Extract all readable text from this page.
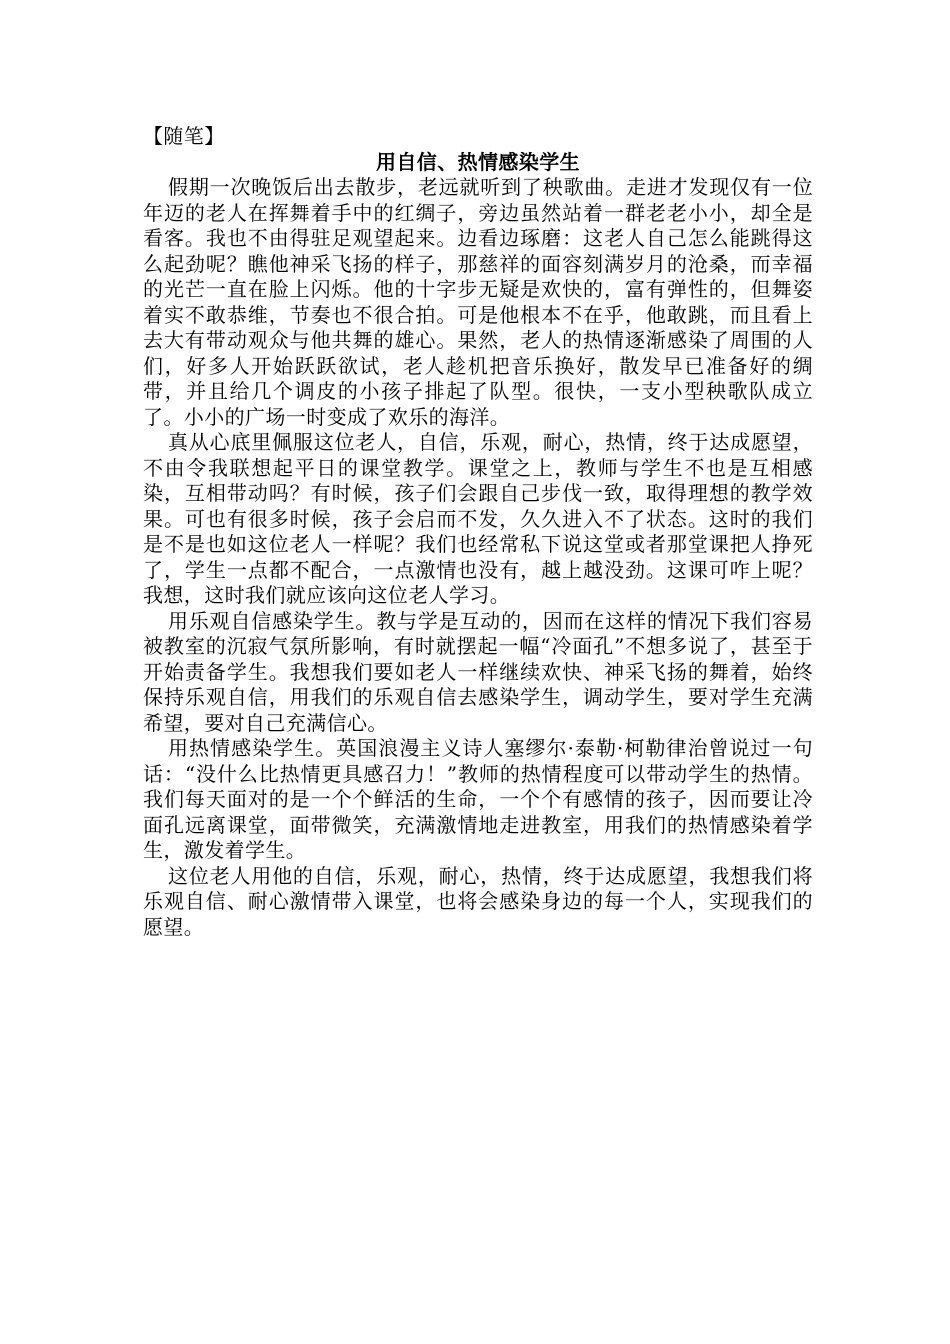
【随笔】

用自信、热情感染学生

假期一次晚饭后出去散步，老远就听到了秧歌曲。走进才发现仅有一位年迈的老人在挥舞着手中的红绸子，旁边虽然站着一群老老小小，却全是看客。我也不由得驻足观望起来。边看边琢磨：这老人自己怎么能跳得这么起劲呢？瞧他神采飞扬的样子，那慈祥的面容刻满岁月的沧桑，而幸福的光芒一直在脸上闪烁。他的十字步无疑是欢快的，富有弹性的，但舞姿着实不敢恭维，节奏也不很合拍。可是他根本不在乎，他敢跳，而且看上去大有带动观众与他共舞的雄心。果然，老人的热情逐渐感染了周围的人们，好多人开始跃跃欲试，老人趁机把音乐换好，散发早已准备好的绸带，并且给几个调皮的小孩子排起了队型。很快，一支小型秧歌队成立了。小小的广场一时变成了欢乐的海洋。

真从心底里佩服这位老人，自信，乐观，耐心，热情，终于达成愿望，不由令我联想起平日的课堂教学。课堂之上，教师与学生不也是互相感染，互相带动吗？有时候，孩子们会跟自己步伐一致，取得理想的教学效果。可也有很多时候，孩子会启而不发，久久进入不了状态。这时的我们是不是也如这位老人一样呢？我们也经常私下说这堂或者那堂课把人挣死了，学生一点都不配合，一点激情也没有，越上越没劲。这课可咋上呢？我想，这时我们就应该向这位老人学习。

用乐观自信感染学生。教与学是互动的，因而在这样的情况下我们容易被教室的沉寂气氛所影响，有时就摆起一幅“冷面孔”不想多说了，甚至于开始责备学生。我想我们要如老人一样继续欢快、神采飞扬的舞着，始终保持乐观自信，用我们的乐观自信去感染学生，调动学生，要对学生充满希望，要对自己充满信心。

用热情感染学生。英国浪漫主义诗人塞缪尔·泰勒·柯勒律治曾说过一句话：“没什么比热情更具感召力！”教师的热情程度可以带动学生的热情。我们每天面对的是一个个鲜活的生命，一个个有感情的孩子，因而要让冷面孔远离课堂，面带微笑，充满激情地走进教室，用我们的热情感染着学生，激发着学生。

这位老人用他的自信，乐观，耐心，热情，终于达成愿望，我想我们将乐观自信、耐心激情带入课堂，也将会感染身边的每一个人，实现我们的愿望。
